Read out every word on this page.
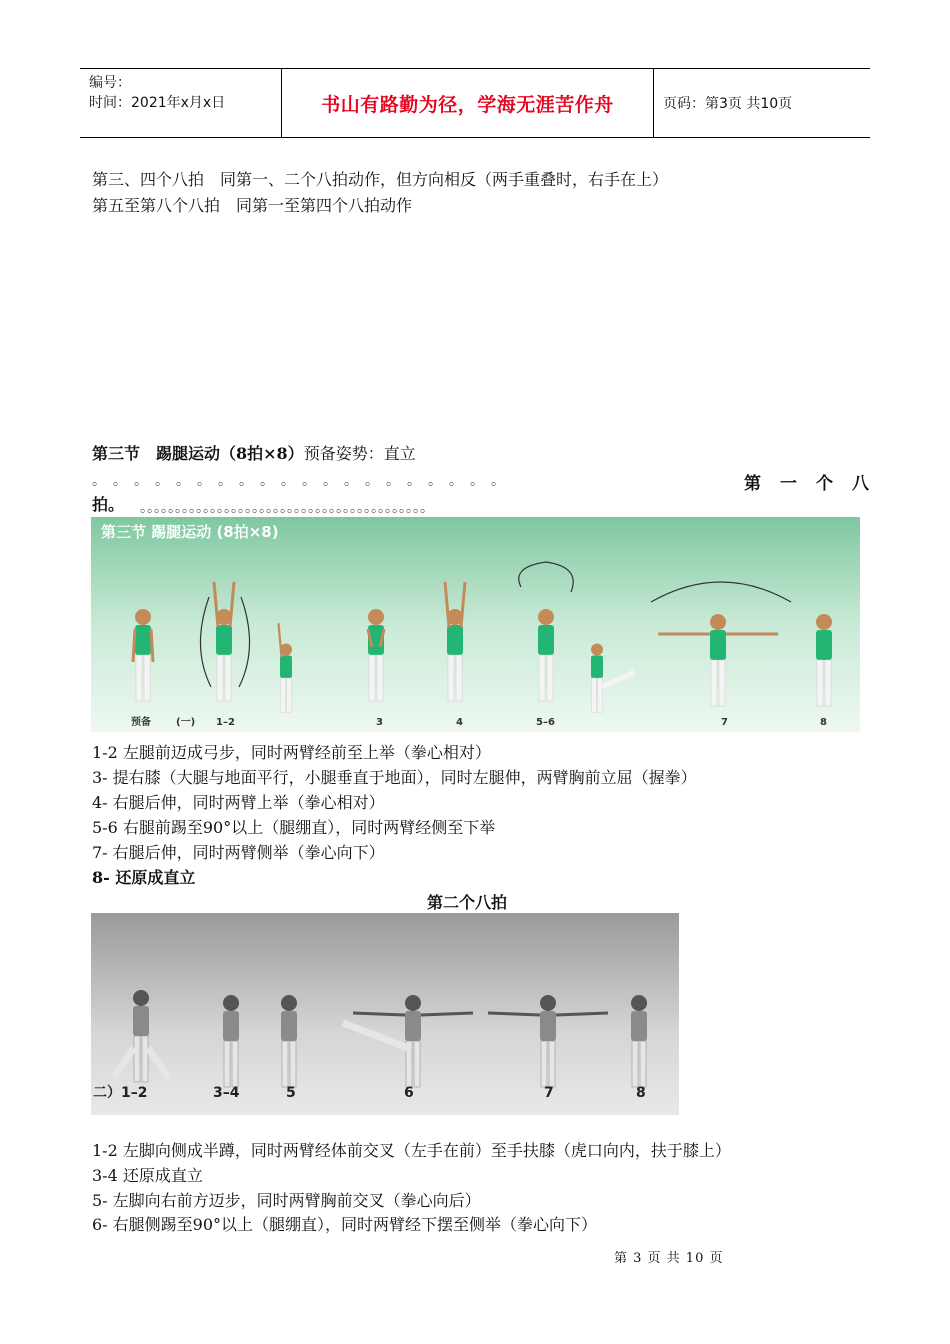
编号：
时间：2021年x月x日	书山有路勤为径，学海无涯苦作舟	页码：第3页 共10页
第三、四个八拍　同第一、二个八拍动作，但方向相反（两手重叠时，右手在上）
第五至第八个八拍　同第一至第四个八拍动作
第三节　踢腿运动（8拍×8）预备姿势：直立
。　。　。　。　。　。　。　。　。　。　。　。　。　。　。　。　。　。　。　。	第一个八
拍。 。。。。。。。。。。。。。。。。。。。。。。。。。。。。。。。。。。。。。。。。。
第三节 踢腿运动 (8拍×8)
预备	(一) 1–2	3	4	5–6	7	8
1-2 左腿前迈成弓步，同时两臂经前至上举（拳心相对）
3- 提右膝（大腿与地面平行，小腿垂直于地面），同时左腿伸，两臂胸前立屈（握拳）
4- 右腿后伸，同时两臂上举（拳心相对）
5-6 右腿前踢至90°以上（腿绷直），同时两臂经侧至下举
7- 右腿后伸，同时两臂侧举（拳心向下）
8- 还原成直立
第二个八拍
二）1–2	3–4	5	6	7	8
1-2 左脚向侧成半蹲，同时两臂经体前交叉（左手在前）至手扶膝（虎口向内，扶于膝上）
3-4 还原成直立
5- 左脚向右前方迈步，同时两臂胸前交叉（拳心向后）
6- 右腿侧踢至90°以上（腿绷直），同时两臂经下摆至侧举（拳心向下）
第 3 页 共 10 页
